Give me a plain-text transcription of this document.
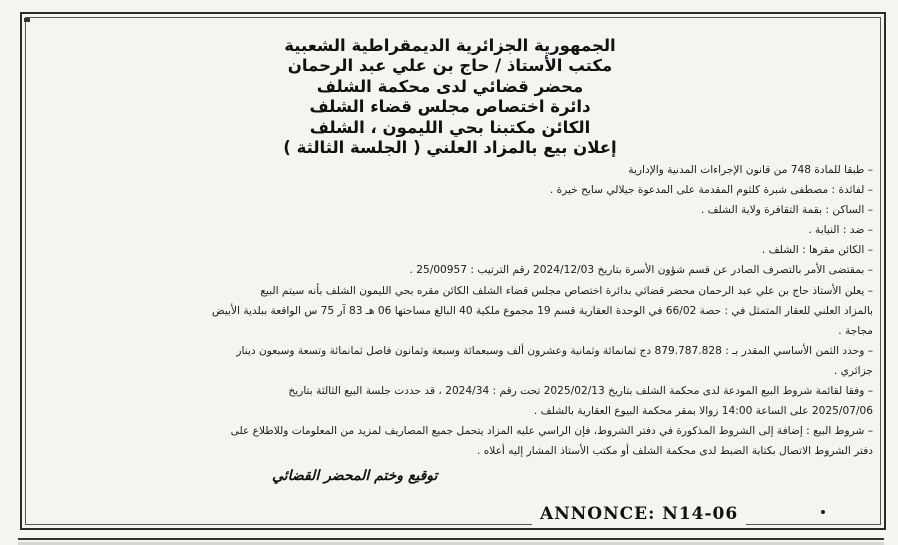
الجمهورية الجزائرية الديمقراطية الشعبية
مكتب الأستاذ / حاج بن علي عبد الرحمان
محضر قضائي لدى محكمة الشلف
دائرة اختصاص مجلس قضاء الشلف
الكائن مكتبنا بحي الليمون ، الشلف
إعلان بيع بالمزاد العلني ( الجلسة الثالثة )

– طبقا للمادة 748 من قانون الإجراءات المدنية والإدارية

– لفائدة : مصطفى شبرة كلثوم المقدمة على المدعوة جيلالي سايح خيرة .

– الساكن : بقمة التقافرة ولاية الشلف .

– ضد : النيابة .

– الكائن مقرها : الشلف .

– بمقتضى الأمر بالتصرف الصادر عن قسم شؤون الأسرة بتاريخ 2024/12/03 رقم الترتيب : 25/00957 .

– يعلن الأستاذ حاج بن علي عبد الرحمان محضر قضائي بدائرة اختصاص مجلس قضاء الشلف الكائن مقره بحي الليمون الشلف بأنه سيتم البيع

بالمزاد العلني للعقار المتمثل في : حصة 66/02 في الوحدة العقارية قسم 19 مجموع ملكية 40 البالغ مساحتها 06 هـ 83 آر 75 س الواقعة ببلدية الأبيض

مجاجة .

– وحدد الثمن الأساسي المقدر بـ : 879.787.828 دج ثمانمائة وثمانية وعشرون ألف وسبعمائة وسبعة وثمانون فاصل ثمانمائة وتسعة وسبعون دينار

جزائري .

– وفقا لقائمة شروط البيع المودعة لدى محكمة الشلف بتاريخ 2025/02/13 تحت رقم : 2024/34 ، قد حددت جلسة البيع الثالثة بتاريخ

2025/07/06 على الساعة 14:00 زوالا بمقر محكمة البيوع العقارية بالشلف .

– شروط البيع : إضافة إلى الشروط المذكورة في دفتر الشروط، فإن الراسي عليه المزاد يتحمل جميع المصاريف لمزيد من المعلومات وللاطلاع على

دفتر الشروط الاتصال بكتابة الضبط لدى محكمة الشلف أو مكتب الأستاذ المشار إليه أعلاه .

توقيع وختم المحضر القضائي
ANNONCE: N14-06
